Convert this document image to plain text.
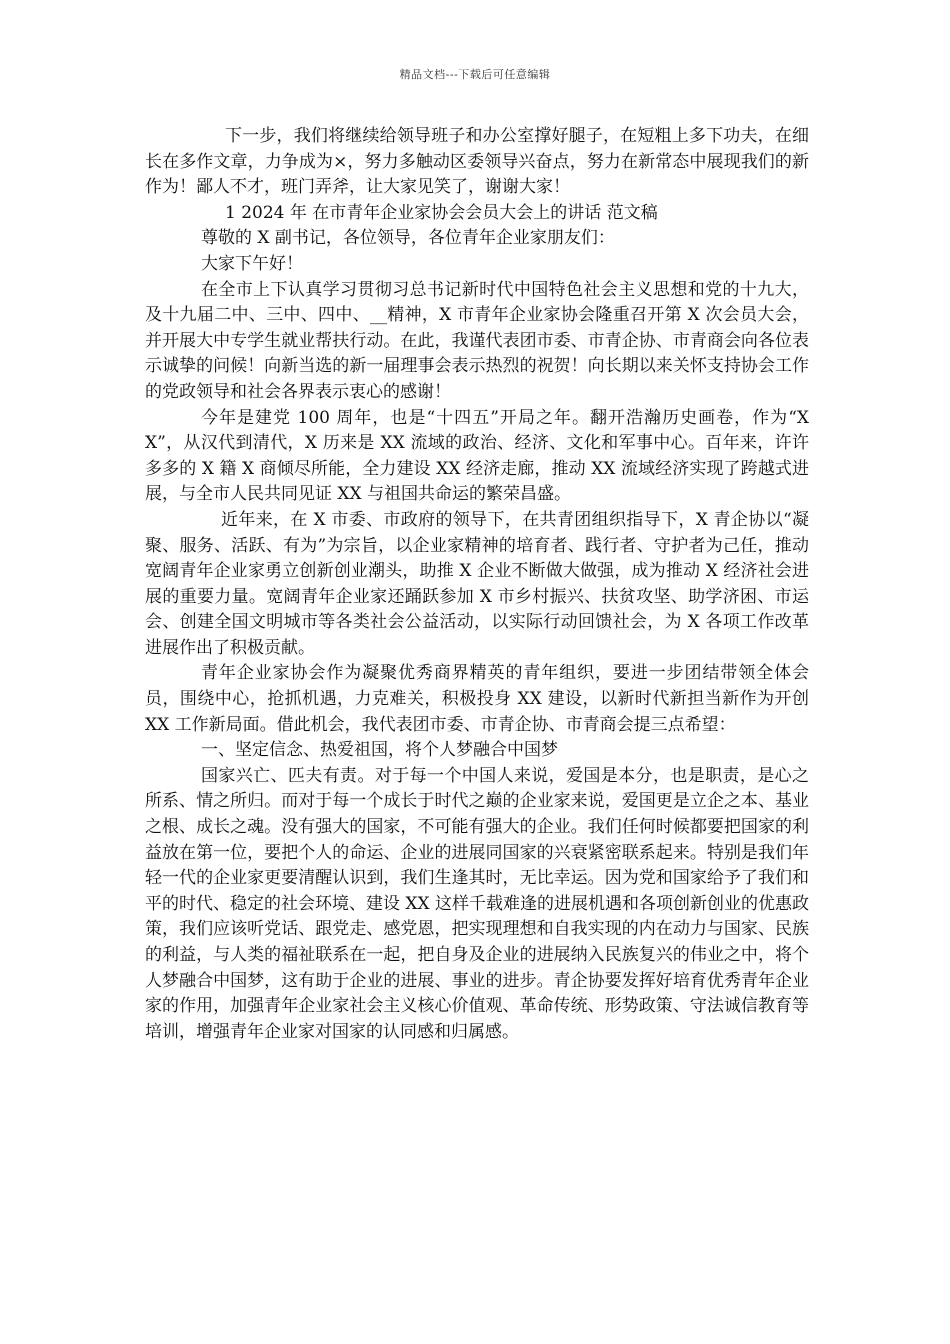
精品文档---下载后可任意编辑

下一步，我们将继续给领导班子和办公室撑好腿子，在短粗上多下功夫，在细长在多作文章，力争成为×，努力多触动区委领导兴奋点，努力在新常态中展现我们的新作为！鄙人不才，班门弄斧，让大家见笑了，谢谢大家！

1 2024 年 在市青年企业家协会会员大会上的讲话 范文稿

尊敬的 X 副书记，各位领导，各位青年企业家朋友们：

大家下午好！

在全市上下认真学习贯彻习总书记新时代中国特色社会主义思想和党的十九大，及十九届二中、三中、四中、__精神，X 市青年企业家协会隆重召开第 X 次会员大会，并开展大中专学生就业帮扶行动。在此，我谨代表团市委、市青企协、市青商会向各位表示诚挚的问候！向新当选的新一届理事会表示热烈的祝贺！向长期以来关怀支持协会工作的党政领导和社会各界表示衷心的感谢！

今年是建党 100 周年，也是“十四五”开局之年。翻开浩瀚历史画卷，作为“XX”，从汉代到清代，X 历来是 XX 流域的政治、经济、文化和军事中心。百年来，许许多多的 X 籍 X 商倾尽所能，全力建设 XX 经济走廊，推动 XX 流域经济实现了跨越式进展，与全市人民共同见证 XX 与祖国共命运的繁荣昌盛。

近年来，在 X 市委、市政府的领导下，在共青团组织指导下，X 青企协以“凝聚、服务、活跃、有为”为宗旨，以企业家精神的培育者、践行者、守护者为己任，推动宽阔青年企业家勇立创新创业潮头，助推 X 企业不断做大做强，成为推动 X 经济社会进展的重要力量。宽阔青年企业家还踊跃参加 X 市乡村振兴、扶贫攻坚、助学济困、市运会、创建全国文明城市等各类社会公益活动，以实际行动回馈社会，为 X 各项工作改革进展作出了积极贡献。

青年企业家协会作为凝聚优秀商界精英的青年组织，要进一步团结带领全体会员，围绕中心，抢抓机遇，力克难关，积极投身 XX 建设，以新时代新担当新作为开创 XX 工作新局面。借此机会，我代表团市委、市青企协、市青商会提三点希望：

一、坚定信念、热爱祖国，将个人梦融合中国梦

国家兴亡、匹夫有责。对于每一个中国人来说，爱国是本分，也是职责，是心之所系、情之所归。而对于每一个成长于时代之巅的企业家来说，爱国更是立企之本、基业之根、成长之魂。没有强大的国家，不可能有强大的企业。我们任何时候都要把国家的利益放在第一位，要把个人的命运、企业的进展同国家的兴衰紧密联系起来。特别是我们年轻一代的企业家更要清醒认识到，我们生逢其时，无比幸运。因为党和国家给予了我们和平的时代、稳定的社会环境、建设 XX 这样千载难逢的进展机遇和各项创新创业的优惠政策，我们应该听党话、跟党走、感党恩，把实现理想和自我实现的内在动力与国家、民族的利益，与人类的福祉联系在一起，把自身及企业的进展纳入民族复兴的伟业之中，将个人梦融合中国梦，这有助于企业的进展、事业的进步。青企协要发挥好培育优秀青年企业家的作用，加强青年企业家社会主义核心价值观、革命传统、形势政策、守法诚信教育等培训，增强青年企业家对国家的认同感和归属感。
